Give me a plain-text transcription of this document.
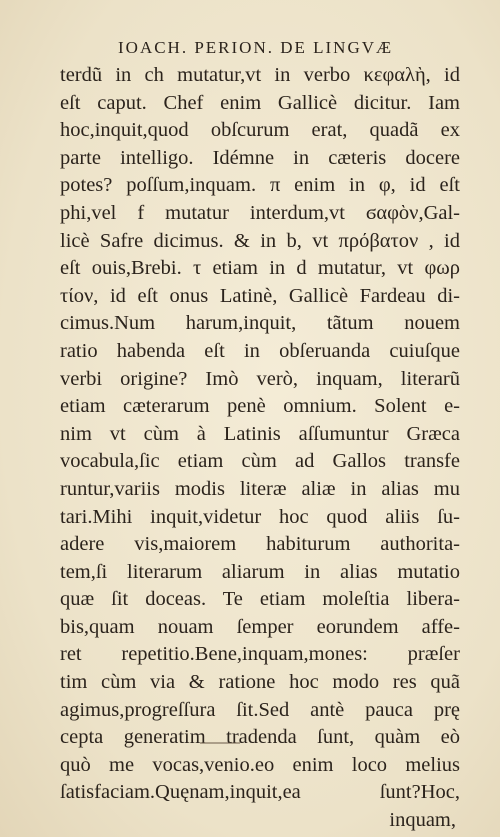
IOACH. PERION. DE LINGVÆ
terdũ in ch mutatur,vt in verbo κεφαλὴ, id
eſt caput. Chef enim Gallicè dicitur. Iam
hoc,inquit,quod obſcurum erat, quadã ex
parte intelligo. Idémne in cæteris docere
potes? poſſum,inquam. π enim in φ, id eſt
phi,vel f mutatur interdum,vt ϭαφὸν,Gal-
licè Safre dicimus. & in b, vt πρόβατον , id
eſt ouis,Brebi. τ etiam in d mutatur, vt φωρ
τίον, id eſt onus Latinè, Gallicè Fardeau di-
cimus.Num harum,inquit, tãtum nouem
ratio habenda eſt in obſeruanda cuiuſque
verbi origine? Imò verò, inquam, literarũ
etiam cæterarum penè omnium. Solent e-
nim vt cùm à Latinis aſſumuntur Græca
vocabula,ſic etiam cùm ad Gallos transfe
runtur,variis modis literæ aliæ in alias mu
tari.Mihi inquit,videtur hoc quod aliis ſu-
adere vis,maiorem habiturum authorita-
tem,ſi literarum aliarum in alias mutatio
quæ ſit doceas. Te etiam moleſtia libera-
bis,quam nouam ſemper eorundem affe-
ret repetitio.Bene,inquam,mones: præſer
tim cùm via & ratione hoc modo res quã
agimus,progreſſura ſit.Sed antè pauca prę
cepta generatim tradenda ſunt, quàm eò
quò me vocas,venio.eo enim loco melius
ſatisfaciam.Quęnam,inquit,ea ſunt?Hoc,
inquam,
